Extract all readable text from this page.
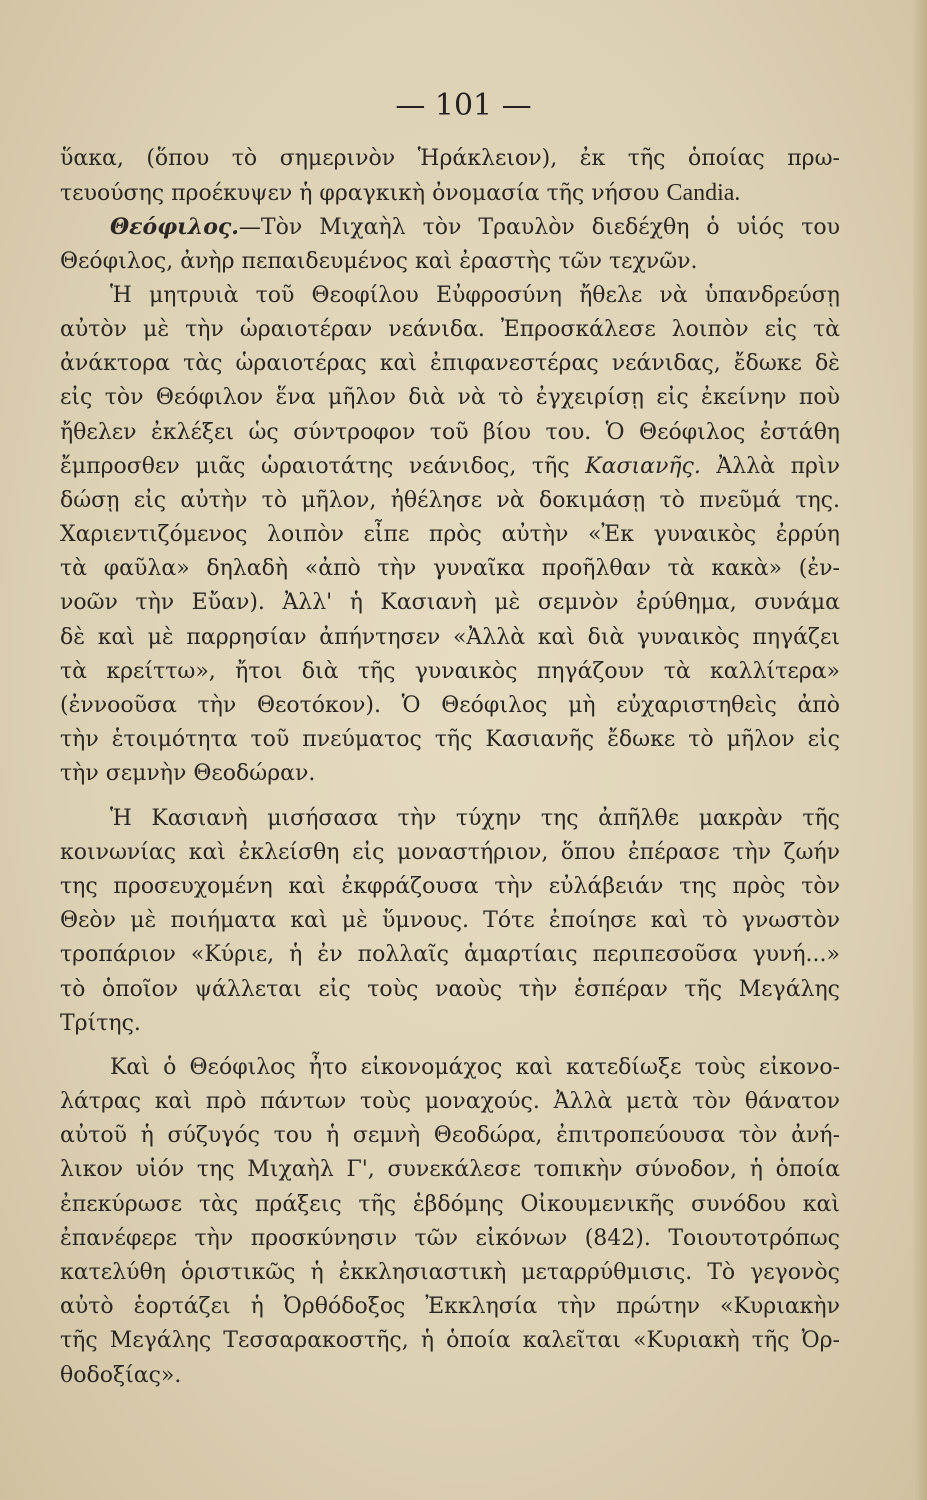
— 101 —

ὕακα, (ὅπου τὸ σημερινὸν Ἡράκλειον), ἐκ τῆς ὁποίας πρω-
τευούσης προέκυψεν ἡ φραγκικὴ ὀνομασία τῆς νήσου Candia.
Θεόφιλος.—Τὸν Μιχαὴλ τὸν Τραυλὸν διεδέχθη ὁ υἱός του
Θεόφιλος, ἀνὴρ πεπαιδευμένος καὶ ἐραστὴς τῶν τεχνῶν.
Ἡ μητρυιὰ τοῦ Θεοφίλου Εὐφροσύνη ἤθελε νὰ ὑπανδρεύσῃ
αὐτὸν μὲ τὴν ὡραιοτέραν νεάνιδα. Ἐπροσκάλεσε λοιπὸν εἰς τὰ
ἀνάκτορα τὰς ὡραιοτέρας καὶ ἐπιφανεστέρας νεάνιδας, ἔδωκε δὲ
εἰς τὸν Θεόφιλον ἕνα μῆλον διὰ νὰ τὸ ἐγχειρίσῃ εἰς ἐκείνην ποὺ
ἤθελεν ἐκλέξει ὡς σύντροφον τοῦ βίου του. Ὁ Θεόφιλος ἐστάθη
ἔμπροσθεν μιᾶς ὡραιοτάτης νεάνιδος, τῆς Κασιανῆς. Ἀλλὰ πρὶν
δώσῃ εἰς αὐτὴν τὸ μῆλον, ἠθέλησε νὰ δοκιμάσῃ τὸ πνεῦμά της.
Χαριεντιζόμενος λοιπὸν εἶπε πρὸς αὐτὴν «Ἐκ γυναικὸς ἐρρύη
τὰ φαῦλα» δηλαδὴ «ἀπὸ τὴν γυναῖκα προῆλθαν τὰ κακὰ» (ἐν-
νοῶν τὴν Εὔαν). Ἀλλ' ἡ Κασιανὴ μὲ σεμνὸν ἐρύθημα, συνάμα
δὲ καὶ μὲ παρρησίαν ἀπήντησεν «Ἀλλὰ καὶ διὰ γυναικὸς πηγάζει
τὰ κρείττω», ἤτοι διὰ τῆς γυναικὸς πηγάζουν τὰ καλλίτερα»
(ἐννοοῦσα τὴν Θεοτόκον). Ὁ Θεόφιλος μὴ εὐχαριστηθεὶς ἀπὸ
τὴν ἑτοιμότητα τοῦ πνεύματος τῆς Κασιανῆς ἔδωκε τὸ μῆλον εἰς
τὴν σεμνὴν Θεοδώραν.
Ἡ Κασιανὴ μισήσασα τὴν τύχην της ἀπῆλθε μακρὰν τῆς
κοινωνίας καὶ ἐκλείσθη εἰς μοναστήριον, ὅπου ἐπέρασε τὴν ζωήν
της προσευχομένη καὶ ἐκφράζουσα τὴν εὐλάβειάν της πρὸς τὸν
Θεὸν μὲ ποιήματα καὶ μὲ ὕμνους. Τότε ἐποίησε καὶ τὸ γνωστὸν
τροπάριον «Κύριε, ἡ ἐν πολλαῖς ἁμαρτίαις περιπεσοῦσα γυνή...»
τὸ ὁποῖον ψάλλεται εἰς τοὺς ναοὺς τὴν ἑσπέραν τῆς Μεγάλης
Τρίτης.
Καὶ ὁ Θεόφιλος ἦτο εἰκονομάχος καὶ κατεδίωξε τοὺς εἰκονο-
λάτρας καὶ πρὸ πάντων τοὺς μοναχούς. Ἀλλὰ μετὰ τὸν θάνατον
αὐτοῦ ἡ σύζυγός του ἡ σεμνὴ Θεοδώρα, ἐπιτροπεύουσα τὸν ἀνή-
λικον υἱόν της Μιχαὴλ Γ', συνεκάλεσε τοπικὴν σύνοδον, ἡ ὁποία
ἐπεκύρωσε τὰς πράξεις τῆς ἑβδόμης Οἰκουμενικῆς συνόδου καὶ
ἐπανέφερε τὴν προσκύνησιν τῶν εἰκόνων (842). Τοιουτοτρόπως
κατελύθη ὁριστικῶς ἡ ἐκκλησιαστικὴ μεταρρύθμισις. Τὸ γεγονὸς
αὐτὸ ἑορτάζει ἡ Ὀρθόδοξος Ἐκκλησία τὴν πρώτην «Κυριακὴν
τῆς Μεγάλης Τεσσαρακοστῆς, ἡ ὁποία καλεῖται «Κυριακὴ τῆς Ὀρ-
θοδοξίας».
